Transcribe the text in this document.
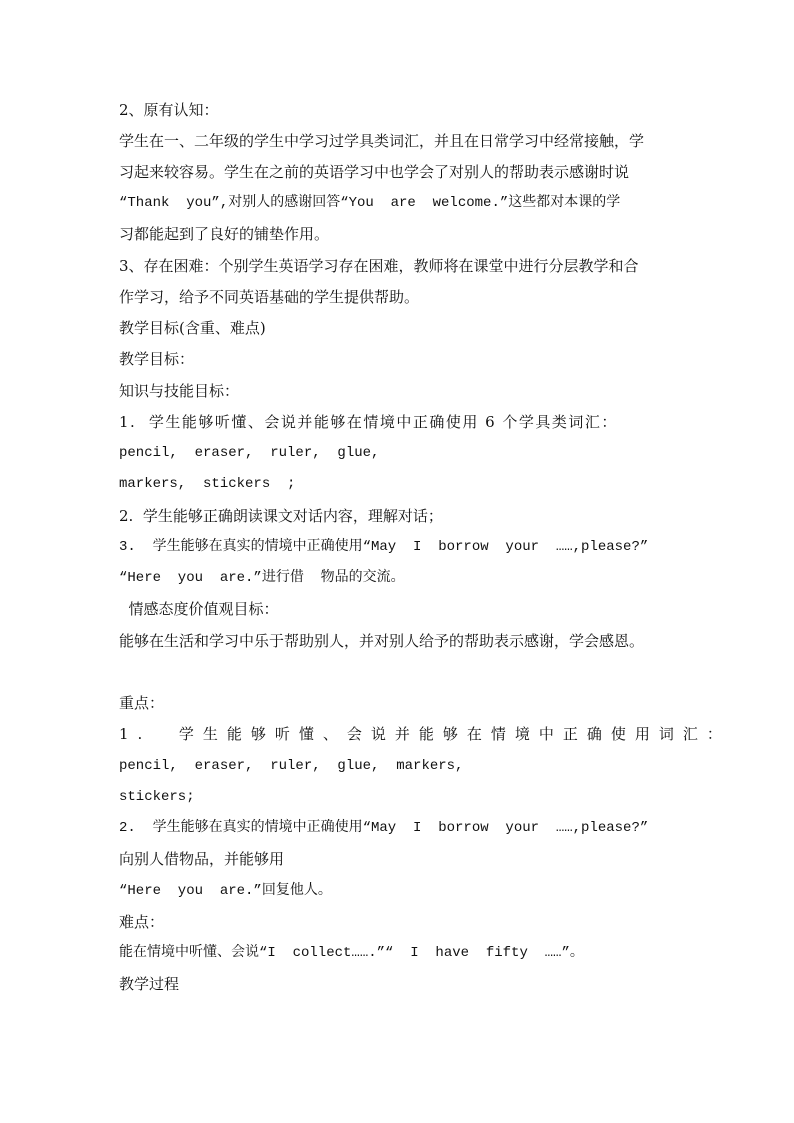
2、原有认知：

学生在一、二年级的学生中学习过学具类词汇，并且在日常学习中经常接触，学

习起来较容易。学生在之前的英语学习中也学会了对别人的帮助表示感谢时说

“Thank  you”,对别人的感谢回答“You  are  welcome.”这些都对本课的学

习都能起到了良好的铺垫作用。

3、存在困难：个别学生英语学习存在困难，教师将在课堂中进行分层教学和合

作学习，给予不同英语基础的学生提供帮助。

教学目标(含重、难点)

教学目标：

知识与技能目标：

1.  学生能够听懂、会说并能够在情境中正确使用 6 个学具类词汇：

pencil,  eraser,  ruler,  glue,

markers,  stickers  ;

2.  学生能够正确朗读课文对话内容，理解对话；

3.  学生能够在真实的情境中正确使用“May  I  borrow  your  ……,please?”

“Here  you  are.”进行借  物品的交流。

情感态度价值观目标：

能够在生活和学习中乐于帮助别人，并对别人给予的帮助表示感谢，学会感恩。

重点：

1.  学生能够听懂、会说并能够在情境中正确使用词汇：

pencil,  eraser,  ruler,  glue,  markers,

stickers;

2.  学生能够在真实的情境中正确使用“May  I  borrow  your  ……,please?”

向别人借物品，并能够用

“Here  you  are.”回复他人。

难点：

能在情境中听懂、会说“I  collect…….”“  I  have  fifty  ……”。

教学过程
